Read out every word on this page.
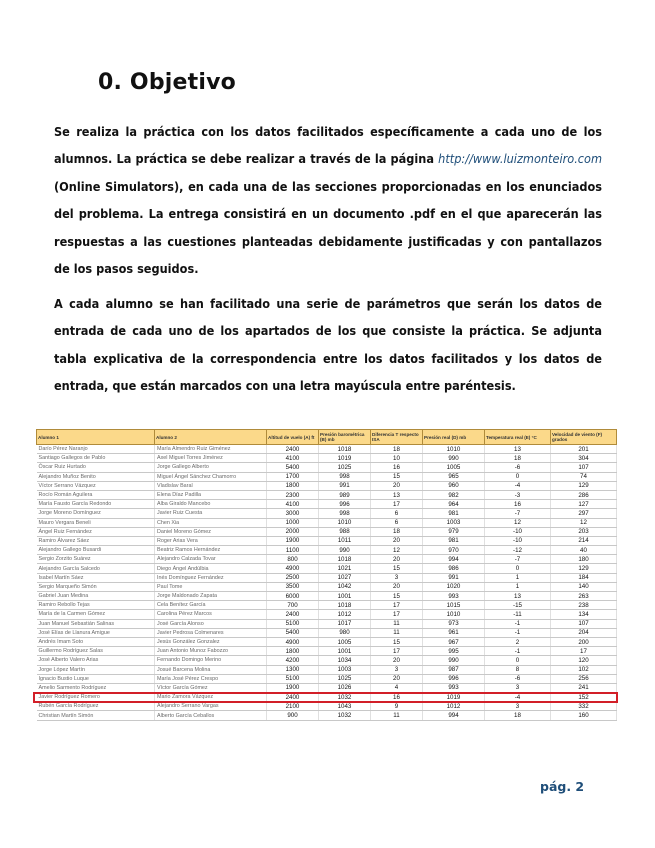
0. Objetivo
Se realiza la práctica con los datos facilitados específicamente a cada uno de los alumnos. La práctica se debe realizar a través de la página http://www.luizmonteiro.com (Online Simulators), en cada una de las secciones proporcionadas en los enunciados del problema. La entrega consistirá en un documento .pdf en el que aparecerán las respuestas a las cuestiones planteadas debidamente justificadas y con pantallazos de los pasos seguidos.
A cada alumno se han facilitado una serie de parámetros que serán los datos de entrada de cada uno de los apartados de los que consiste la práctica. Se adjunta tabla explicativa de la correspondencia entre los datos facilitados y los datos de entrada, que están marcados con una letra mayúscula entre paréntesis.
Alumno 1	Alumno 2	Altitud de vuelo (A) ft	Presión barométrica (B) mb	Diferencia T respecto ISA	Presión real (D) mb	Temperatura real (E) °C	Velocidad de viento (F) grados
Darío Pérez Naranjo	María Almendro Ruiz Giménez	2400	1018	18	1010	13	201
Santiago Gallegos de Pablo	Axel Miguel Torres Jiménez	4100	1019	10	990	18	304
Óscar Ruiz Hurtado	Jorge Gallego Alberto	5400	1025	16	1005	-6	107
Alejandro Muñoz Benito	Miguel Ángel Sánchez Chamorro	1700	998	15	965	0	74
Víctor Serrano Vázquez	Vladislav Baral	1800	991	20	960	-4	129
Rocío Román Aguilera	Elena Díaz Padilla	2300	989	13	982	-3	286
María Fausto García Redondo	Alba Giraldo Mancebo	4100	996	17	964	16	127
Jorge Moreno Domínguez	Javier Ruiz Cuesta	3000	998	6	981	-7	297
Mauro Vergara Beneli	Chen Xia	1000	1010	6	1003	12	12
Ángel Ruiz Fernández	Daniel Moreno Gómez	2000	988	18	979	-10	203
Ramiro Álvarez Sáez	Roger Arias Vera	1900	1011	20	981	-10	214
Alejandro Gallego Busardi	Beatriz Ramos Hernández	1100	990	12	970	-12	40
Sergio Zorzito Suárez	Alejandro Calzada Tovar	800	1018	20	994	-7	180
Alejandro García Salcedo	Diego Ángel Andúlbia	4900	1021	15	986	0	129
Isabel Martín Sáez	Inés Domínguez Fernández	2500	1027	3	991	1	184
Sergio Marqueño Simón	Paul Tome	3500	1042	20	1020	1	140
Gabriel Juan Medina	Jorge Maldonado Zapata	6000	1001	15	993	13	263
Ramiro Rebollo Tejas	Cela Benítez García	700	1018	17	1015	-15	238
María de la Carmen Gómez	Carolina Pérez Marcos	2400	1012	17	1010	-11	134
Juan Manuel Sebastián Salinas	José García Alonso	5100	1017	11	973	-1	107
José Elías de Llanura Amigue	Javier Pedrosa Colmenares	5400	980	11	961	-1	204
Andrés Imam Soto	Jesús González Gonzalez	4900	1005	15	967	2	200
Guillermo Rodríguez Salas	Juan Antonio Munoz Fabozzo	1800	1001	17	995	-1	17
José Alberto Valero Arias	Fernando Domingo Merino	4200	1034	20	990	0	120
Jorge López Martín	Josué Barcena Molina	1300	1003	3	987	8	102
Ignacio Bustio Luque	María José Pérez Crespo	5100	1025	20	996	-6	256
Amelio Sarmento Rodríguez	Víctor García Gómez	1900	1026	4	993	3	241
Javier Rodríguez Romero	Mario Zamora Vázquez	2400	1032	16	1019	-4	152
Rubén García Rodríguez	Alejandro Serrano Vargas	2100	1043	9	1012	3	332
Christian Martín Simón	Alberto García Ceballos	900	1032	11	994	18	160
pág. 2
